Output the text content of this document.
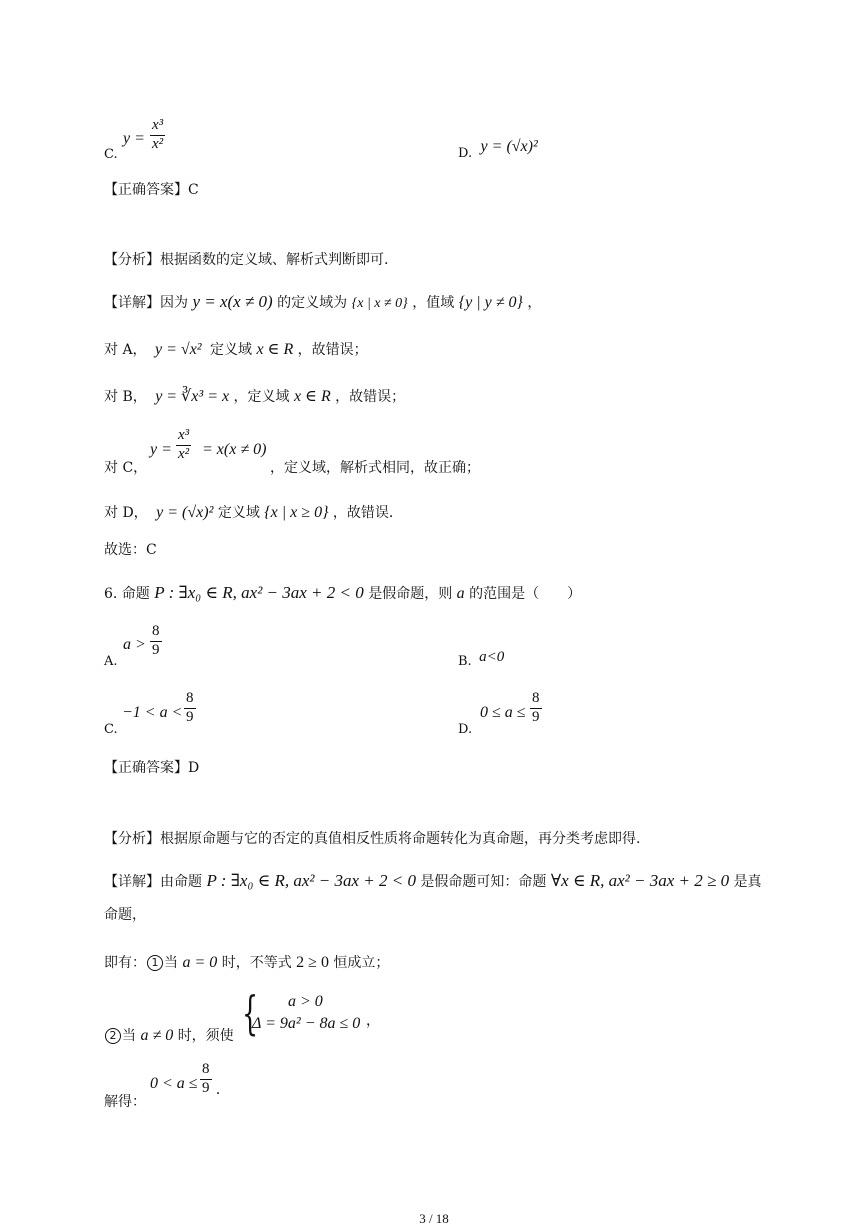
C.
$y = \frac{\text{x³}}{\text{x²}}$
D. y = (√x)²
【正确答案】C
【分析】根据函数的定义域、解析式判断即可.
【详解】因为 y = x(x ≠ 0) 的定义域为 {x | x ≠ 0} ，值域 {y | y ≠ 0} ，
对 A， y = √x² 定义域 x ∈ R ，故错误；
对 B， y = ∛x³ = x ，定义域 x ∈ R ，故错误；
对 C，
$y = \frac{\text{x³}}{\text{x²}} = x(x \ne 0)$
，定义域，解析式相同，故正确；
对 D， y = (√x)² 定义域 {x | x ≥ 0} ，故错误.
故选：C
6. 命题 P : ∃x₀ ∈ R, ax² − 3ax + 2 < 0 是假命题，则 a 的范围是（　　）
A.
$a > \frac{8}{9}$
B. a<0
C.
$-1 < a < \frac{8}{9}$
D.
$0 \le a \le \frac{8}{9}$
【正确答案】D
【分析】根据原命题与它的否定的真值相反性质将命题转化为真命题，再分类考虑即得.
【详解】由命题 P : ∃x₀ ∈ R, ax² − 3ax + 2 < 0 是假命题可知：命题 ∀x ∈ R, ax² − 3ax + 2 ≥ 0 是真
命题，
即有： 1 当 a = 0 时，不等式 2 ≥ 0 恒成立；
2 当 a ≠ 0 时，须使 { a > 0
Δ = 9a² − 8a ≤ 0 ，
解得：
$0 < a \le \frac{8}{9}$ .
3 / 18
